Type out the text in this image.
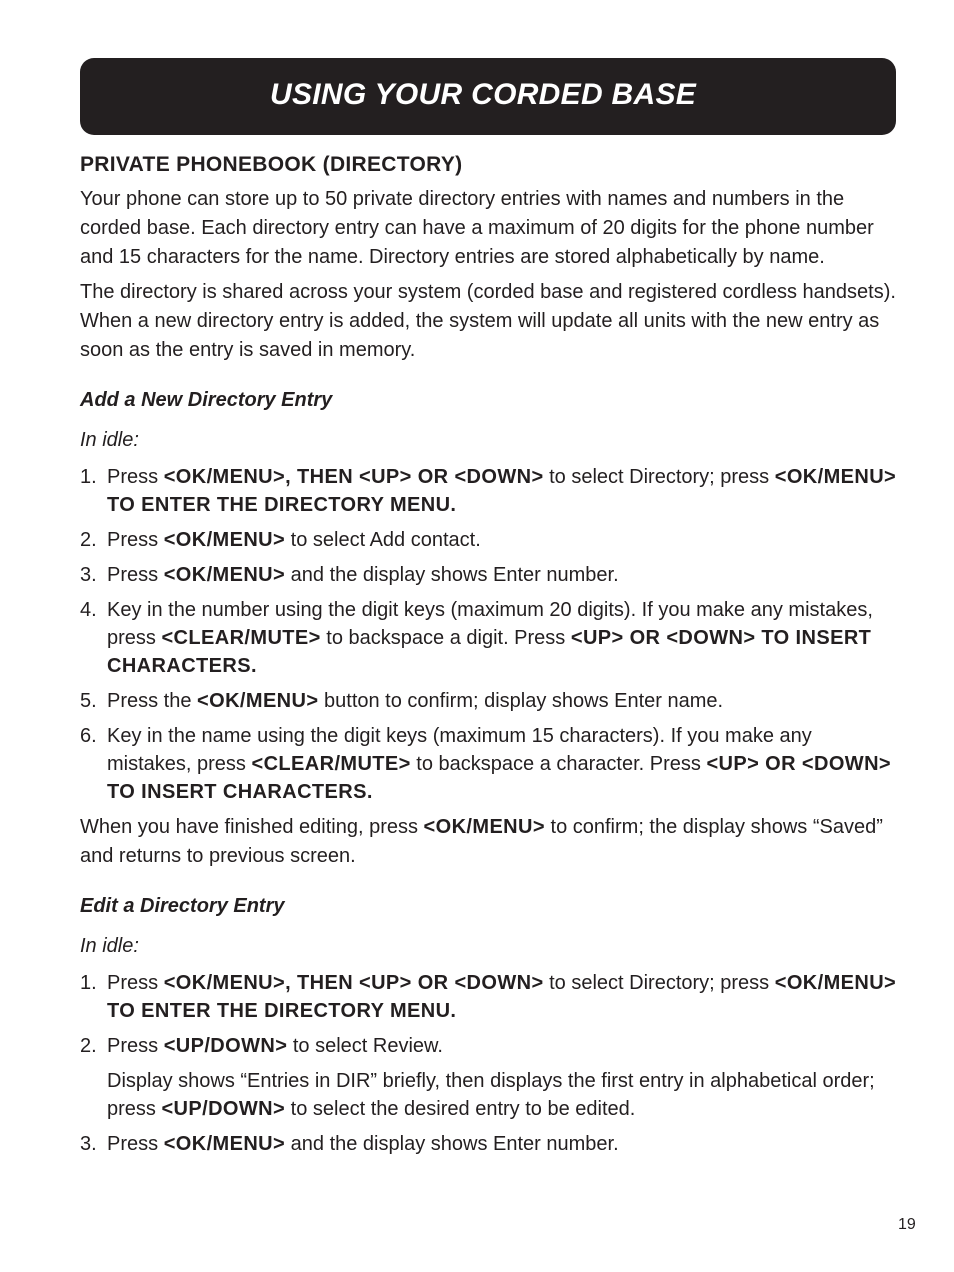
USING YOUR CORDED BASE
PRIVATE PHONEBOOK (DIRECTORY)

Your phone can store up to 50 private directory entries with names and numbers in the corded base. Each directory entry can have a maximum of 20 digits for the phone number and 15 characters for the name. Directory entries are stored alphabetically by name.

The directory is shared across your system (corded base and registered cordless handsets). When a new directory entry is added, the system will update all units with the new entry as soon as the entry is saved in memory.

Add a New Directory Entry
In idle:
1. Press <OK/MENU>, THEN <UP> OR <DOWN> to select Directory; press <OK/MENU> TO ENTER THE DIRECTORY MENU.
2. Press <OK/MENU> to select Add contact.
3. Press <OK/MENU> and the display shows Enter number.
4. Key in the number using the digit keys (maximum 20 digits). If you make any mistakes, press <CLEAR/MUTE> to backspace a digit. Press <UP> OR <DOWN> TO INSERT CHARACTERS.
5. Press the <OK/MENU> button to confirm; display shows Enter name.
6. Key in the name using the digit keys (maximum 15 characters). If you make any mistakes, press <CLEAR/MUTE> to backspace a character. Press <UP> OR <DOWN> TO INSERT CHARACTERS.

When you have finished editing, press <OK/MENU> to confirm; the display shows “Saved” and returns to previous screen.

Edit a Directory Entry
In idle:
1. Press <OK/MENU>, THEN <UP> OR <DOWN> to select Directory; press <OK/MENU> TO ENTER THE DIRECTORY MENU.
2. Press <UP/DOWN> to select Review.
Display shows “Entries in DIR” briefly, then displays the first entry in alphabetical order; press <UP/DOWN> to select the desired entry to be edited.
3. Press <OK/MENU> and the display shows Enter number.
19
